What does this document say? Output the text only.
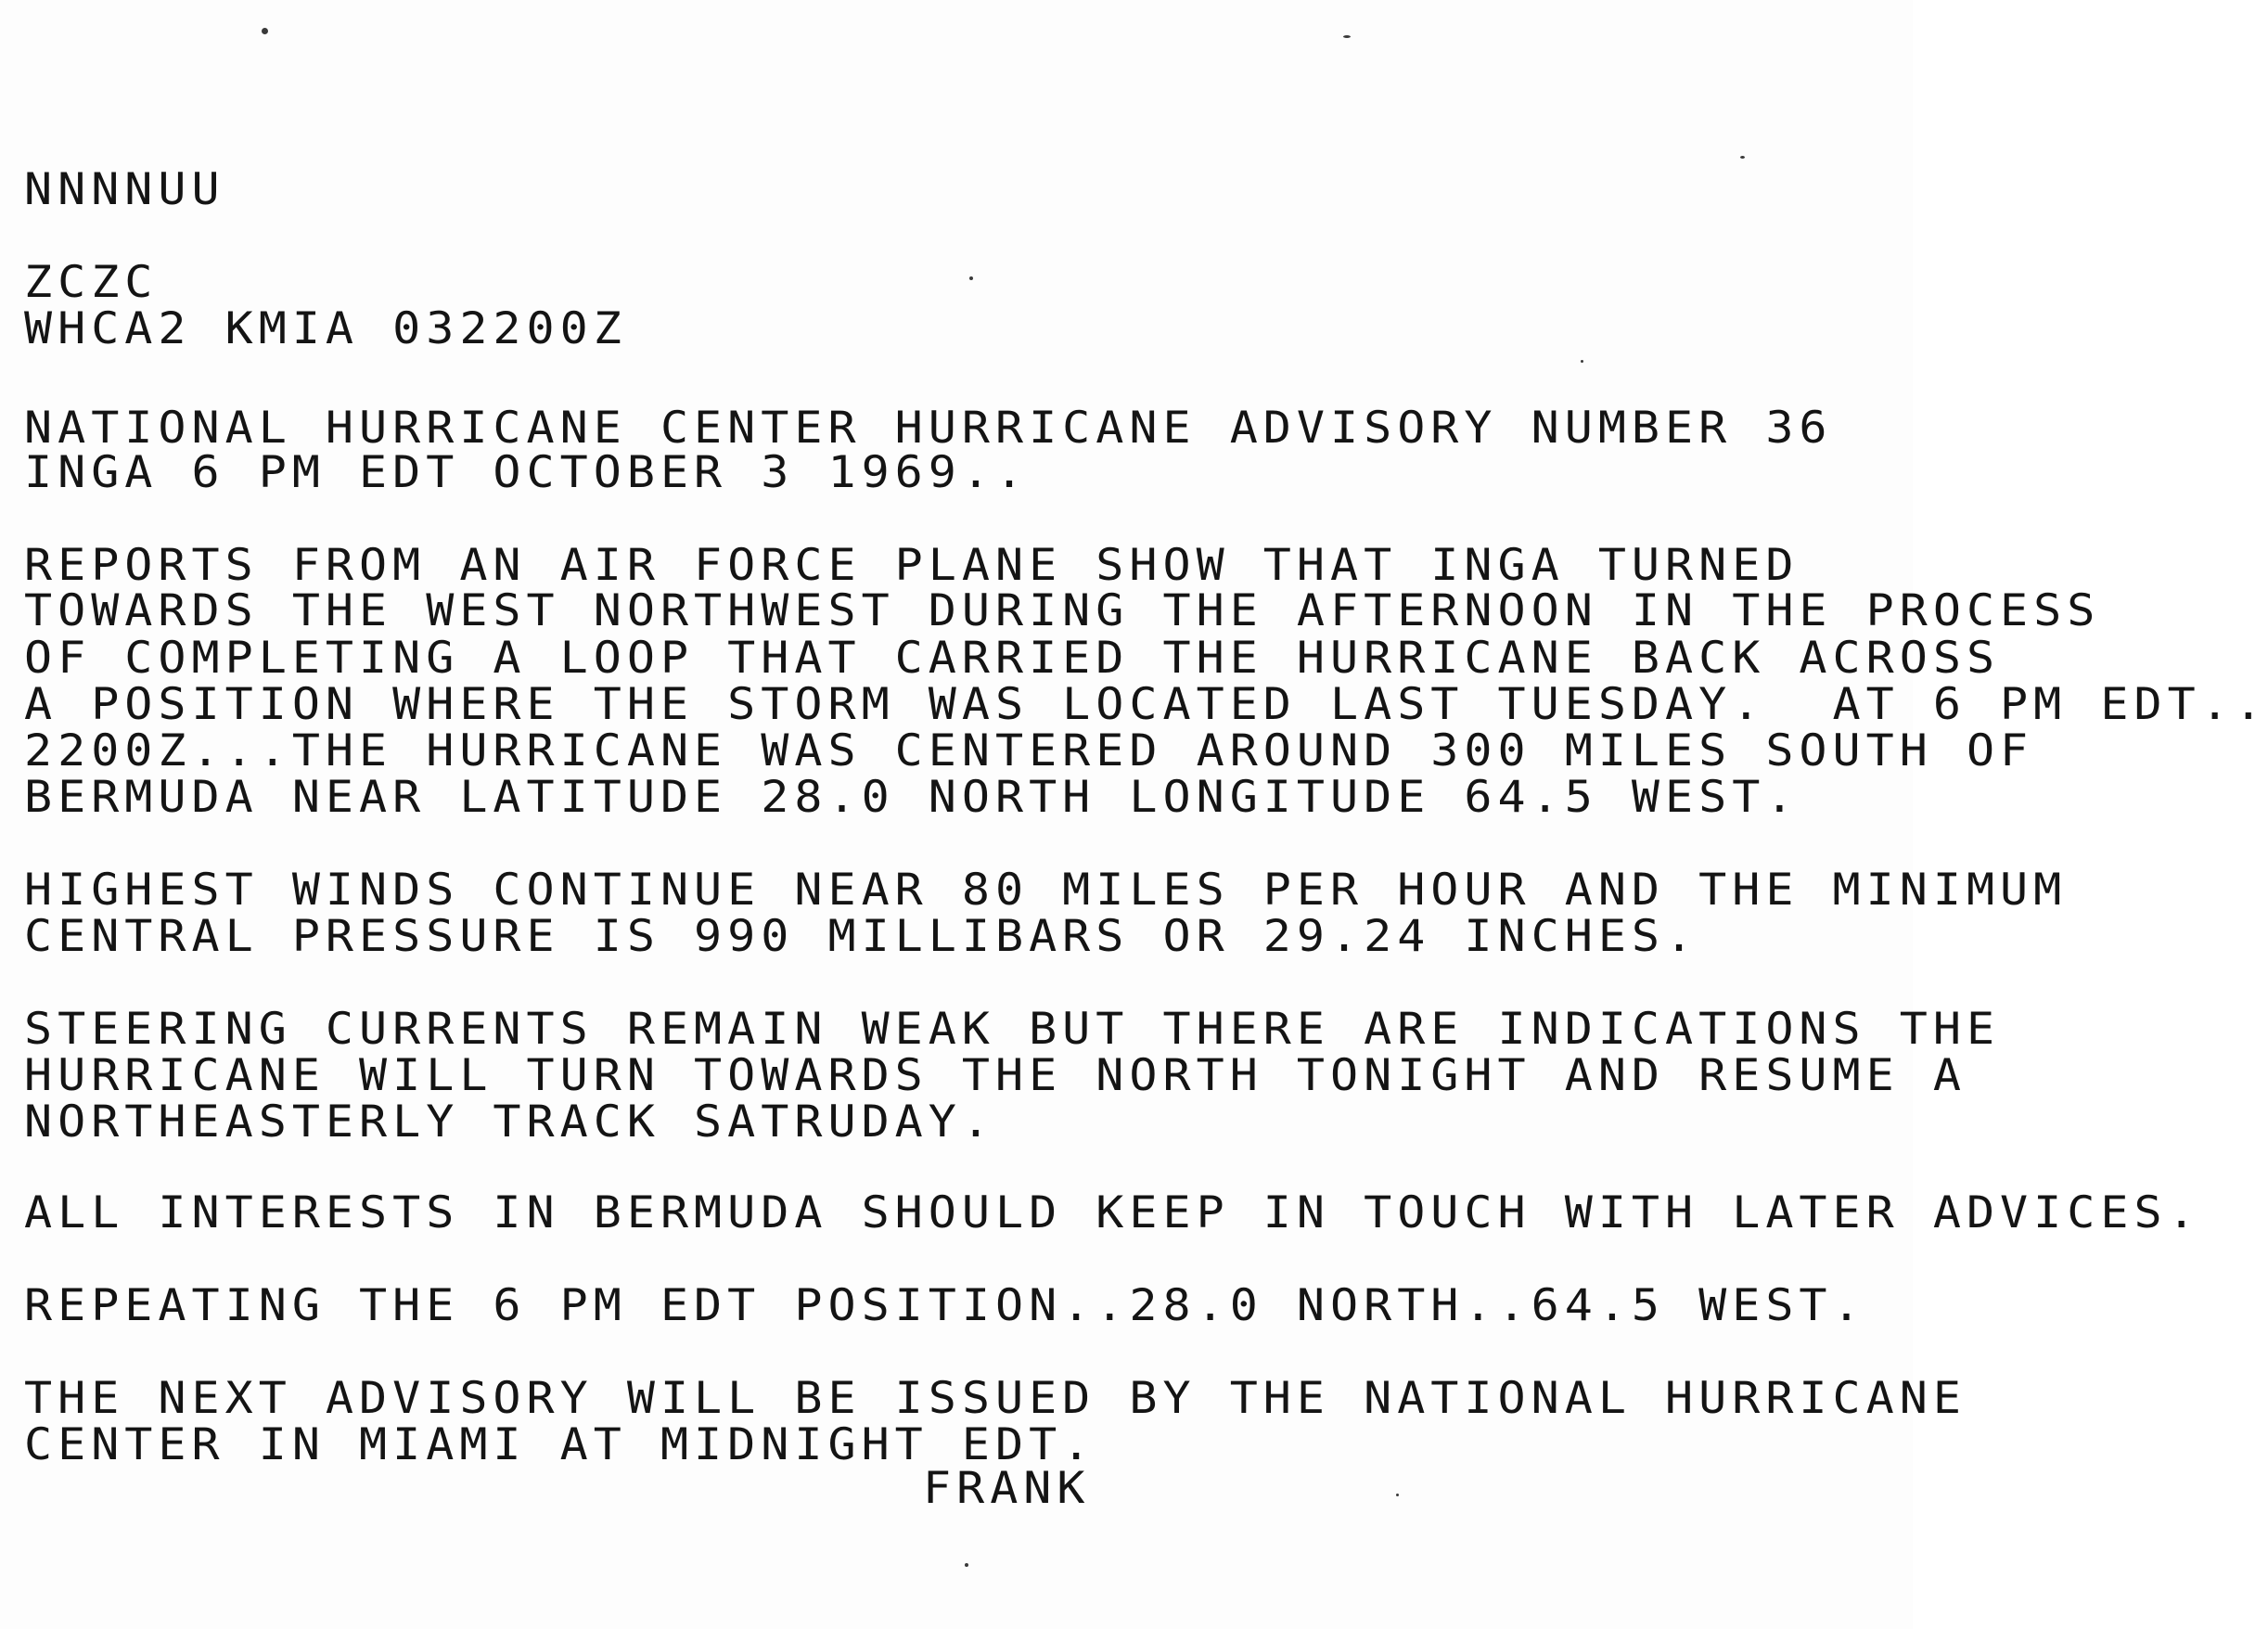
NNNNUU
ZCZC
WHCA2 KMIA 032200Z
NATIONAL HURRICANE CENTER HURRICANE ADVISORY NUMBER 36
INGA 6 PM EDT OCTOBER 3 1969..
REPORTS FROM AN AIR FORCE PLANE SHOW THAT INGA TURNED
TOWARDS THE WEST NORTHWEST DURING THE AFTERNOON IN THE PROCESS
OF COMPLETING A LOOP THAT CARRIED THE HURRICANE BACK ACROSS
A POSITION WHERE THE STORM WAS LOCATED LAST TUESDAY.  AT 6 PM EDT..
2200Z...THE HURRICANE WAS CENTERED AROUND 300 MILES SOUTH OF
BERMUDA NEAR LATITUDE 28.0 NORTH LONGITUDE 64.5 WEST.
HIGHEST WINDS CONTINUE NEAR 80 MILES PER HOUR AND THE MINIMUM
CENTRAL PRESSURE IS 990 MILLIBARS OR 29.24 INCHES.
STEERING CURRENTS REMAIN WEAK BUT THERE ARE INDICATIONS THE
HURRICANE WILL TURN TOWARDS THE NORTH TONIGHT AND RESUME A
NORTHEASTERLY TRACK SATRUDAY.
ALL INTERESTS IN BERMUDA SHOULD KEEP IN TOUCH WITH LATER ADVICES.
REPEATING THE 6 PM EDT POSITION..28.0 NORTH..64.5 WEST.
THE NEXT ADVISORY WILL BE ISSUED BY THE NATIONAL HURRICANE
CENTER IN MIAMI AT MIDNIGHT EDT.
FRANK
